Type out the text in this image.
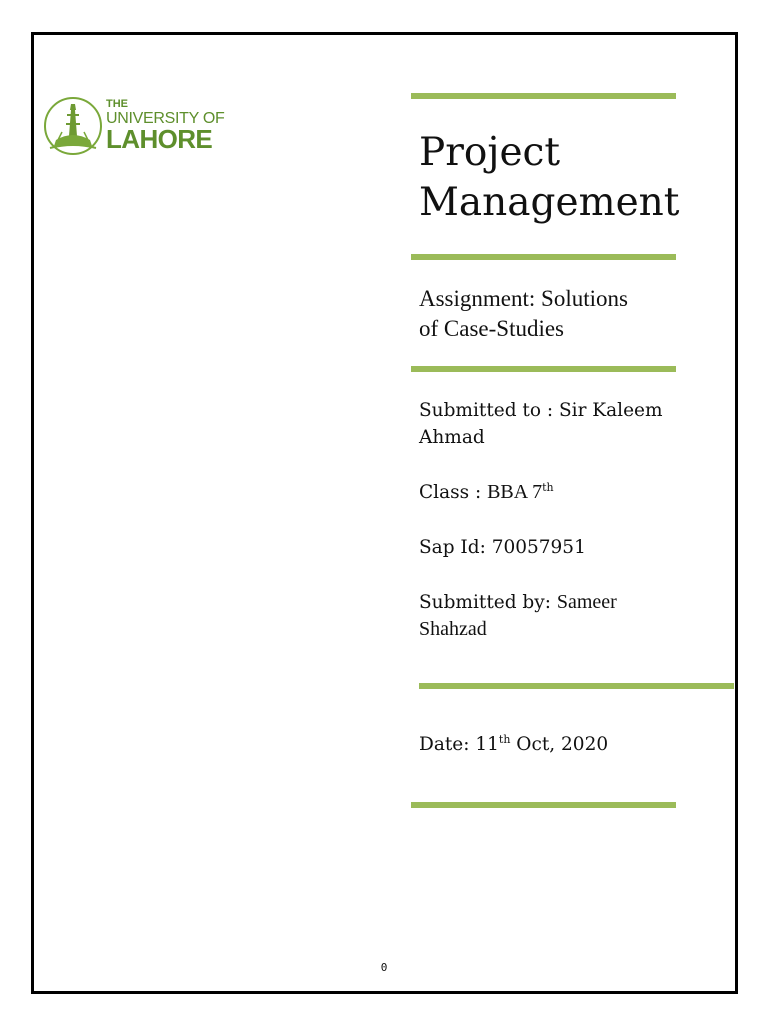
THE
UNIVERSITY OF
LAHORE	Project
Management

Assignment: Solutions
of Case-Studies

Submitted to : Sir Kaleem
Ahmad

Class : BBA 7th

Sap Id: 70057951

Submitted by: Sameer
Shahzad

Date: 11th Oct, 2020

0
